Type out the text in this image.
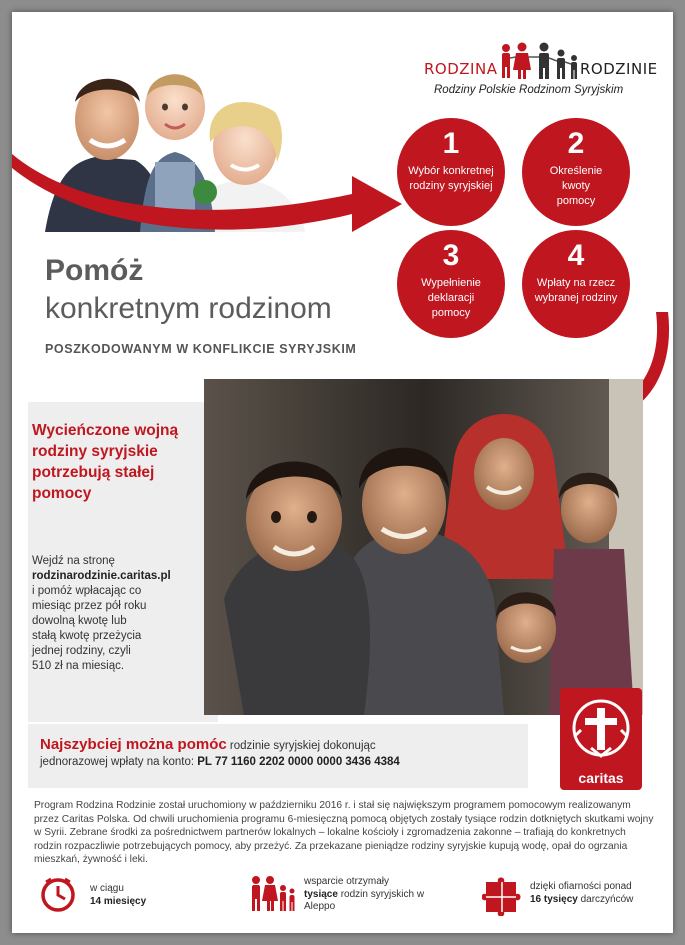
RODZINA	RODZINIE
Rodziny Polskie Rodzinom Syryjskim
1
Wybór konkretnej rodziny syryjskiej
2
Określenie kwoty pomocy
3
Wypełnienie deklaracji pomocy
4
Wpłaty na rzecz wybranej rodziny
Pomóż
konkretnym rodzinom
POSZKODOWANYM W KONFLIKCIE SYRYJSKIM
Wycieńczone wojną rodziny syryjskie potrzebują stałej pomocy
Wejdź na stronę
rodzinarodzinie.caritas.pl

i pomóż wpłacając co miesiąc przez pół roku dowolną kwotę lub stałą kwotę przeżycia jednej rodziny, czyli 510 zł na miesiąc.
Najszybciej można pomóc rodzinie syryjskiej dokonując
jednorazowej wpłaty na konto: PL 77 1160 2202 0000 0000 3436 4384
caritas
Program Rodzina Rodzinie został uruchomiony w październiku 2016 r. i stał się największym programem pomocowym realizowanym przez Caritas Polska. Od chwili uruchomienia programu 6-miesięczną pomocą objętych zostały tysiące rodzin dotkniętych skutkami wojny w Syrii. Zebrane środki za pośrednictwem partnerów lokalnych – lokalne kościoły i zgromadzenia zakonne – trafiają do konkretnych rodzin rozpaczliwie potrzebujących pomocy, aby przeżyć. Za przekazane pieniądze rodziny syryjskie kupują wodę, opał do ogrzania mieszkań, żywność i leki.
w ciągu
14 miesięcy
wsparcie otrzymały
tysiące rodzin syryjskich w Aleppo
dzięki ofiarności ponad
16 tysięcy darczyńców
